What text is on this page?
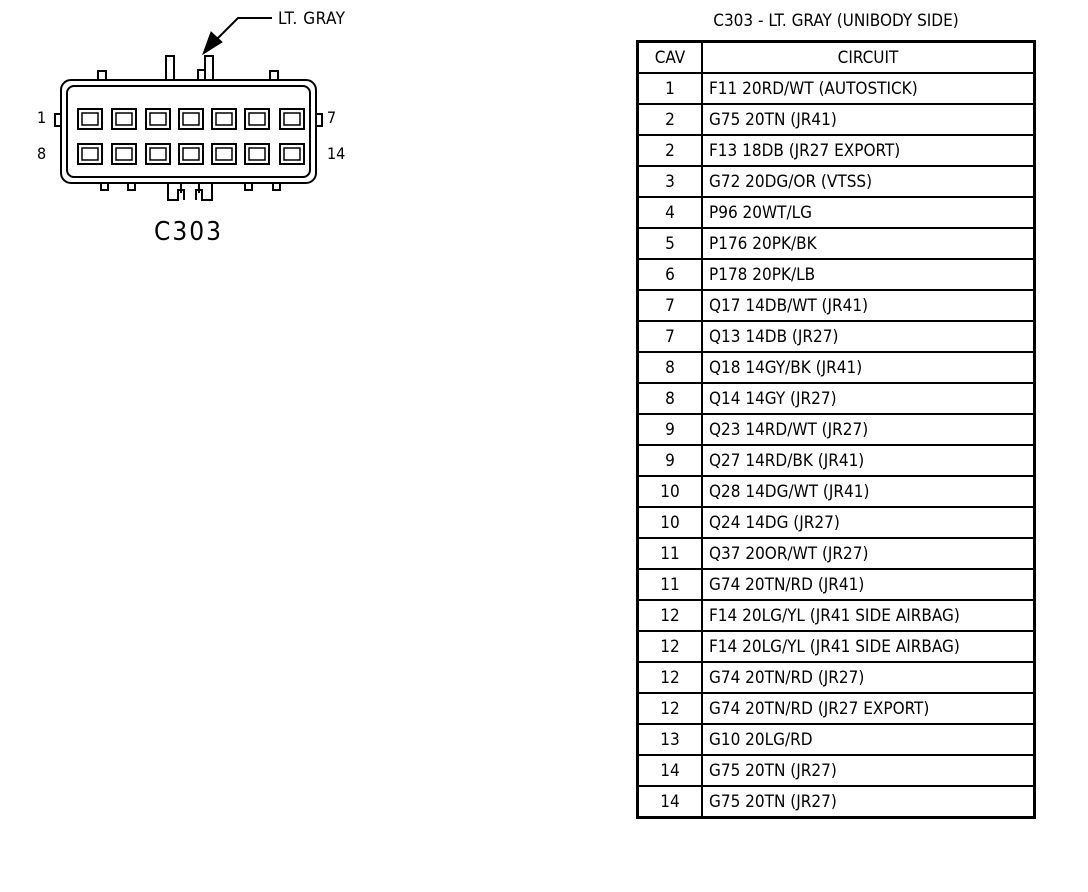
LT. GRAY
1	7
8	14
C303
C303 - LT. GRAY (UNIBODY SIDE)
CAV	CIRCUIT
1	F11 20RD/WT (AUTOSTICK)
2	G75 20TN (JR41)
2	F13 18DB (JR27 EXPORT)
3	G72 20DG/OR (VTSS)
4	P96 20WT/LG
5	P176 20PK/BK
6	P178 20PK/LB
7	Q17 14DB/WT (JR41)
7	Q13 14DB (JR27)
8	Q18 14GY/BK (JR41)
8	Q14 14GY (JR27)
9	Q23 14RD/WT (JR27)
9	Q27 14RD/BK (JR41)
10	Q28 14DG/WT (JR41)
10	Q24 14DG (JR27)
11	Q37 20OR/WT (JR27)
11	G74 20TN/RD (JR41)
12	F14 20LG/YL (JR41 SIDE AIRBAG)
12	F14 20LG/YL (JR41 SIDE AIRBAG)
12	G74 20TN/RD (JR27)
12	G74 20TN/RD (JR27 EXPORT)
13	G10 20LG/RD
14	G75 20TN (JR27)
14	G75 20TN (JR27)
